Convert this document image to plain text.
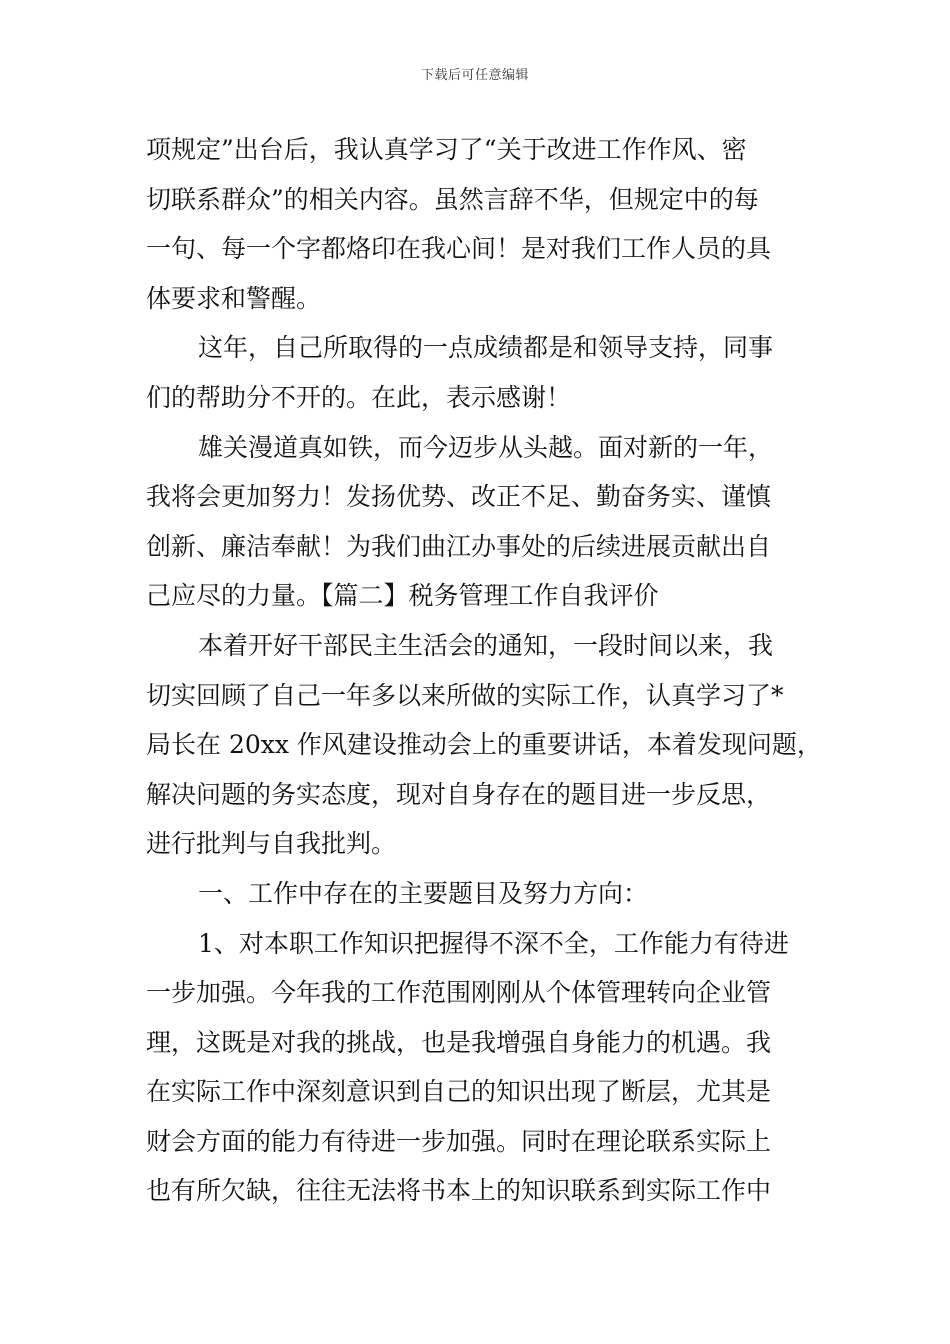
下载后可任意编辑
项规定”出台后，我认真学习了“关于改进工作作风、密
切联系群众”的相关内容。虽然言辞不华，但规定中的每
一句、每一个字都烙印在我心间！是对我们工作人员的具
体要求和警醒。
这年，自己所取得的一点成绩都是和领导支持，同事
们的帮助分不开的。在此，表示感谢！
雄关漫道真如铁，而今迈步从头越。面对新的一年，
我将会更加努力！发扬优势、改正不足、勤奋务实、谨慎
创新、廉洁奉献！为我们曲江办事处的后续进展贡献出自
己应尽的力量。【篇二】税务管理工作自我评价
本着开好干部民主生活会的通知，一段时间以来，我
切实回顾了自己一年多以来所做的实际工作，认真学习了*
局长在 20xx 作风建设推动会上的重要讲话，本着发现问题，
解决问题的务实态度，现对自身存在的题目进一步反思，
进行批判与自我批判。
一、工作中存在的主要题目及努力方向：
1、对本职工作知识把握得不深不全，工作能力有待进
一步加强。今年我的工作范围刚刚从个体管理转向企业管
理，这既是对我的挑战，也是我增强自身能力的机遇。我
在实际工作中深刻意识到自己的知识出现了断层，尤其是
财会方面的能力有待进一步加强。同时在理论联系实际上
也有所欠缺，往往无法将书本上的知识联系到实际工作中
